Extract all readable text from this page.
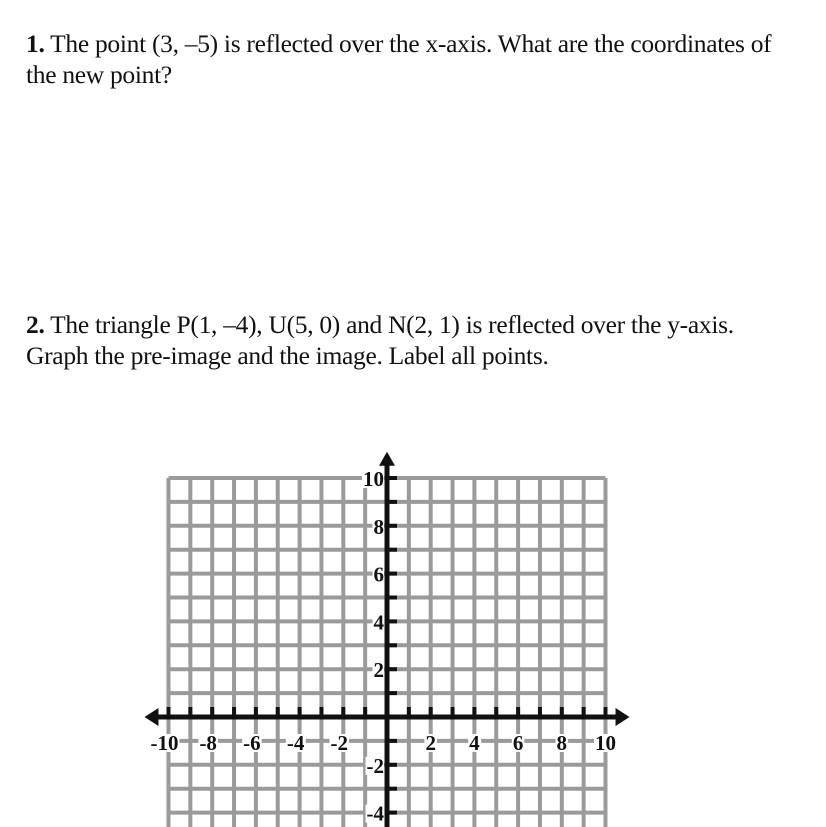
1. The point (3, –5) is reflected over the x-axis. What are the coordinates of the new point?
2. The triangle P(1, –4), U(5, 0) and N(2, 1) is reflected over the y-axis. Graph the pre-image and the image. Label all points.
-10 -8 -6 -4 -2	2 4 6 8 10
10
8
6
4
2
-2
-4
